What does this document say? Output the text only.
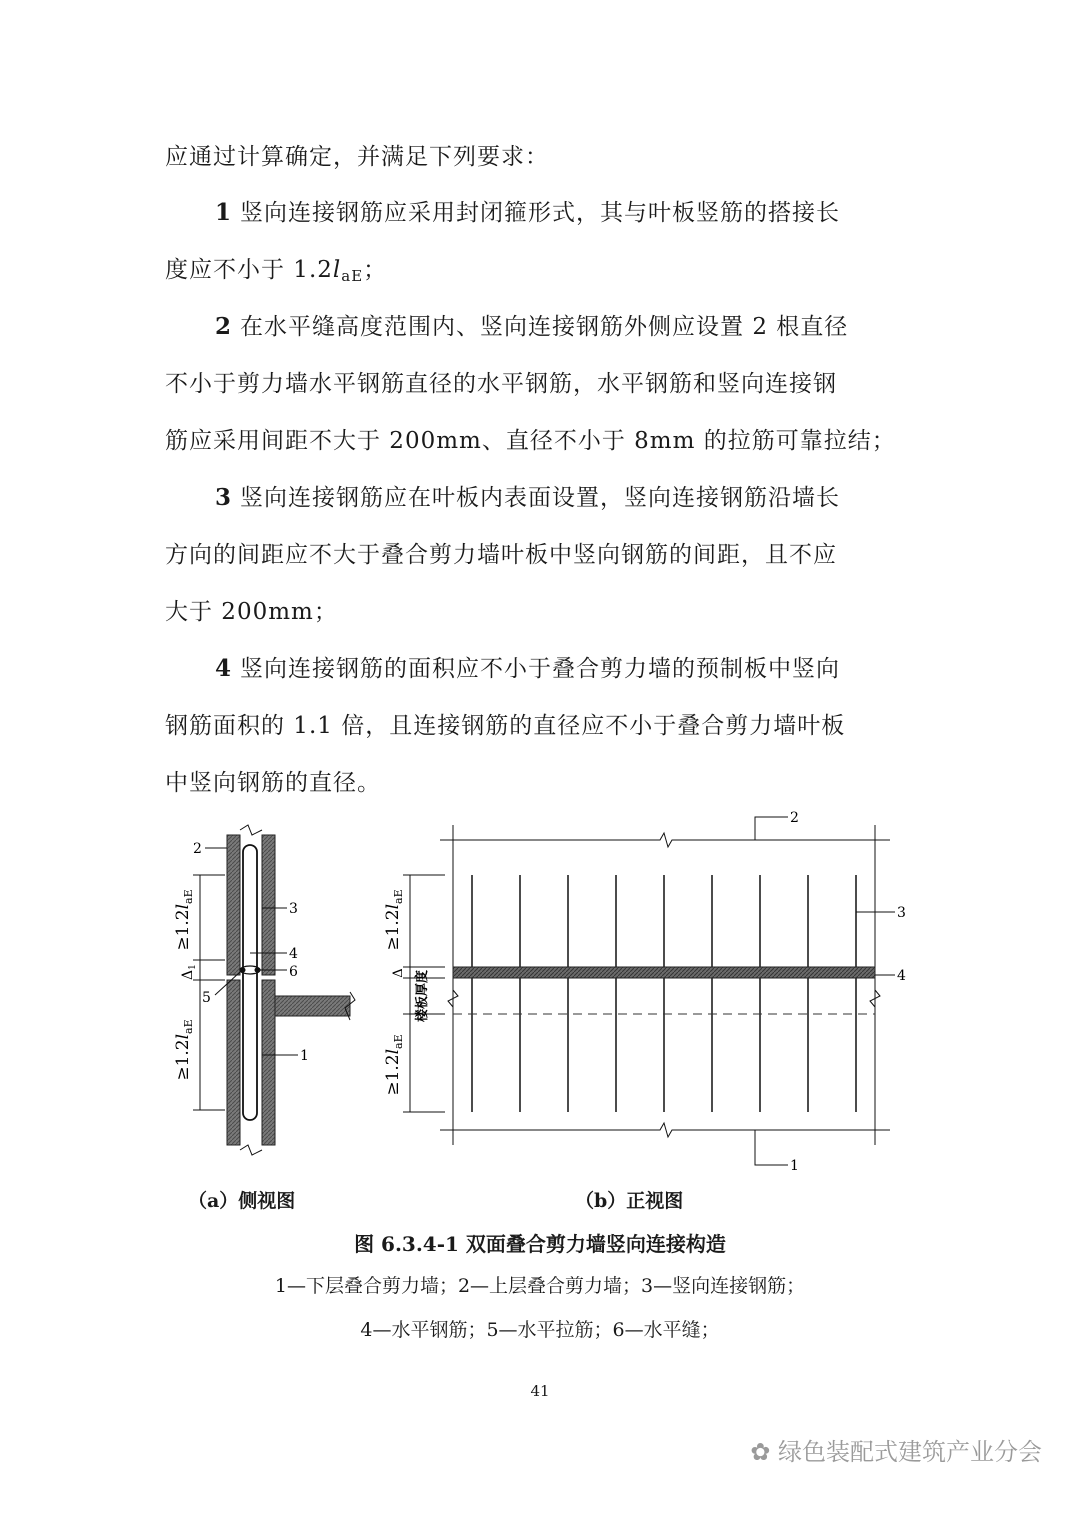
应通过计算确定，并满足下列要求：
1 竖向连接钢筋应采用封闭箍形式，其与叶板竖筋的搭接长
度应不小于 $1.2l_{aE}$；
2 在水平缝高度范围内、竖向连接钢筋外侧应设置 2 根直径
不小于剪力墙水平钢筋直径的水平钢筋，水平钢筋和竖向连接钢
筋应采用间距不大于 200mm、直径不小于 8mm 的拉筋可靠拉结；
3 竖向连接钢筋应在叶板内表面设置，竖向连接钢筋沿墙长
方向的间距应不大于叠合剪力墙叶板中竖向钢筋的间距，且不应
大于 200mm；
4 竖向连接钢筋的面积应不小于叠合剪力墙的预制板中竖向
钢筋面积的 1.1 倍，且连接钢筋的直径应不小于叠合剪力墙叶板
中竖向钢筋的直径。
$\ge 1.2l_{aE}$
$\ge 1.2l_{aE}$
$\Delta_1$
2
3
4
6
5
1
$\ge 1.2l_{aE}$
$\ge 1.2l_{aE}$
Δ 楼板厚度
2
3
4
1
（a）侧视图	（b）正视图
图 6.3.4-1 双面叠合剪力墙竖向连接构造
1—下层叠合剪力墙；2—上层叠合剪力墙；3—竖向连接钢筋；
4—水平钢筋；5—水平拉筋；6—水平缝；
41
✿ 绿色装配式建筑产业分会
